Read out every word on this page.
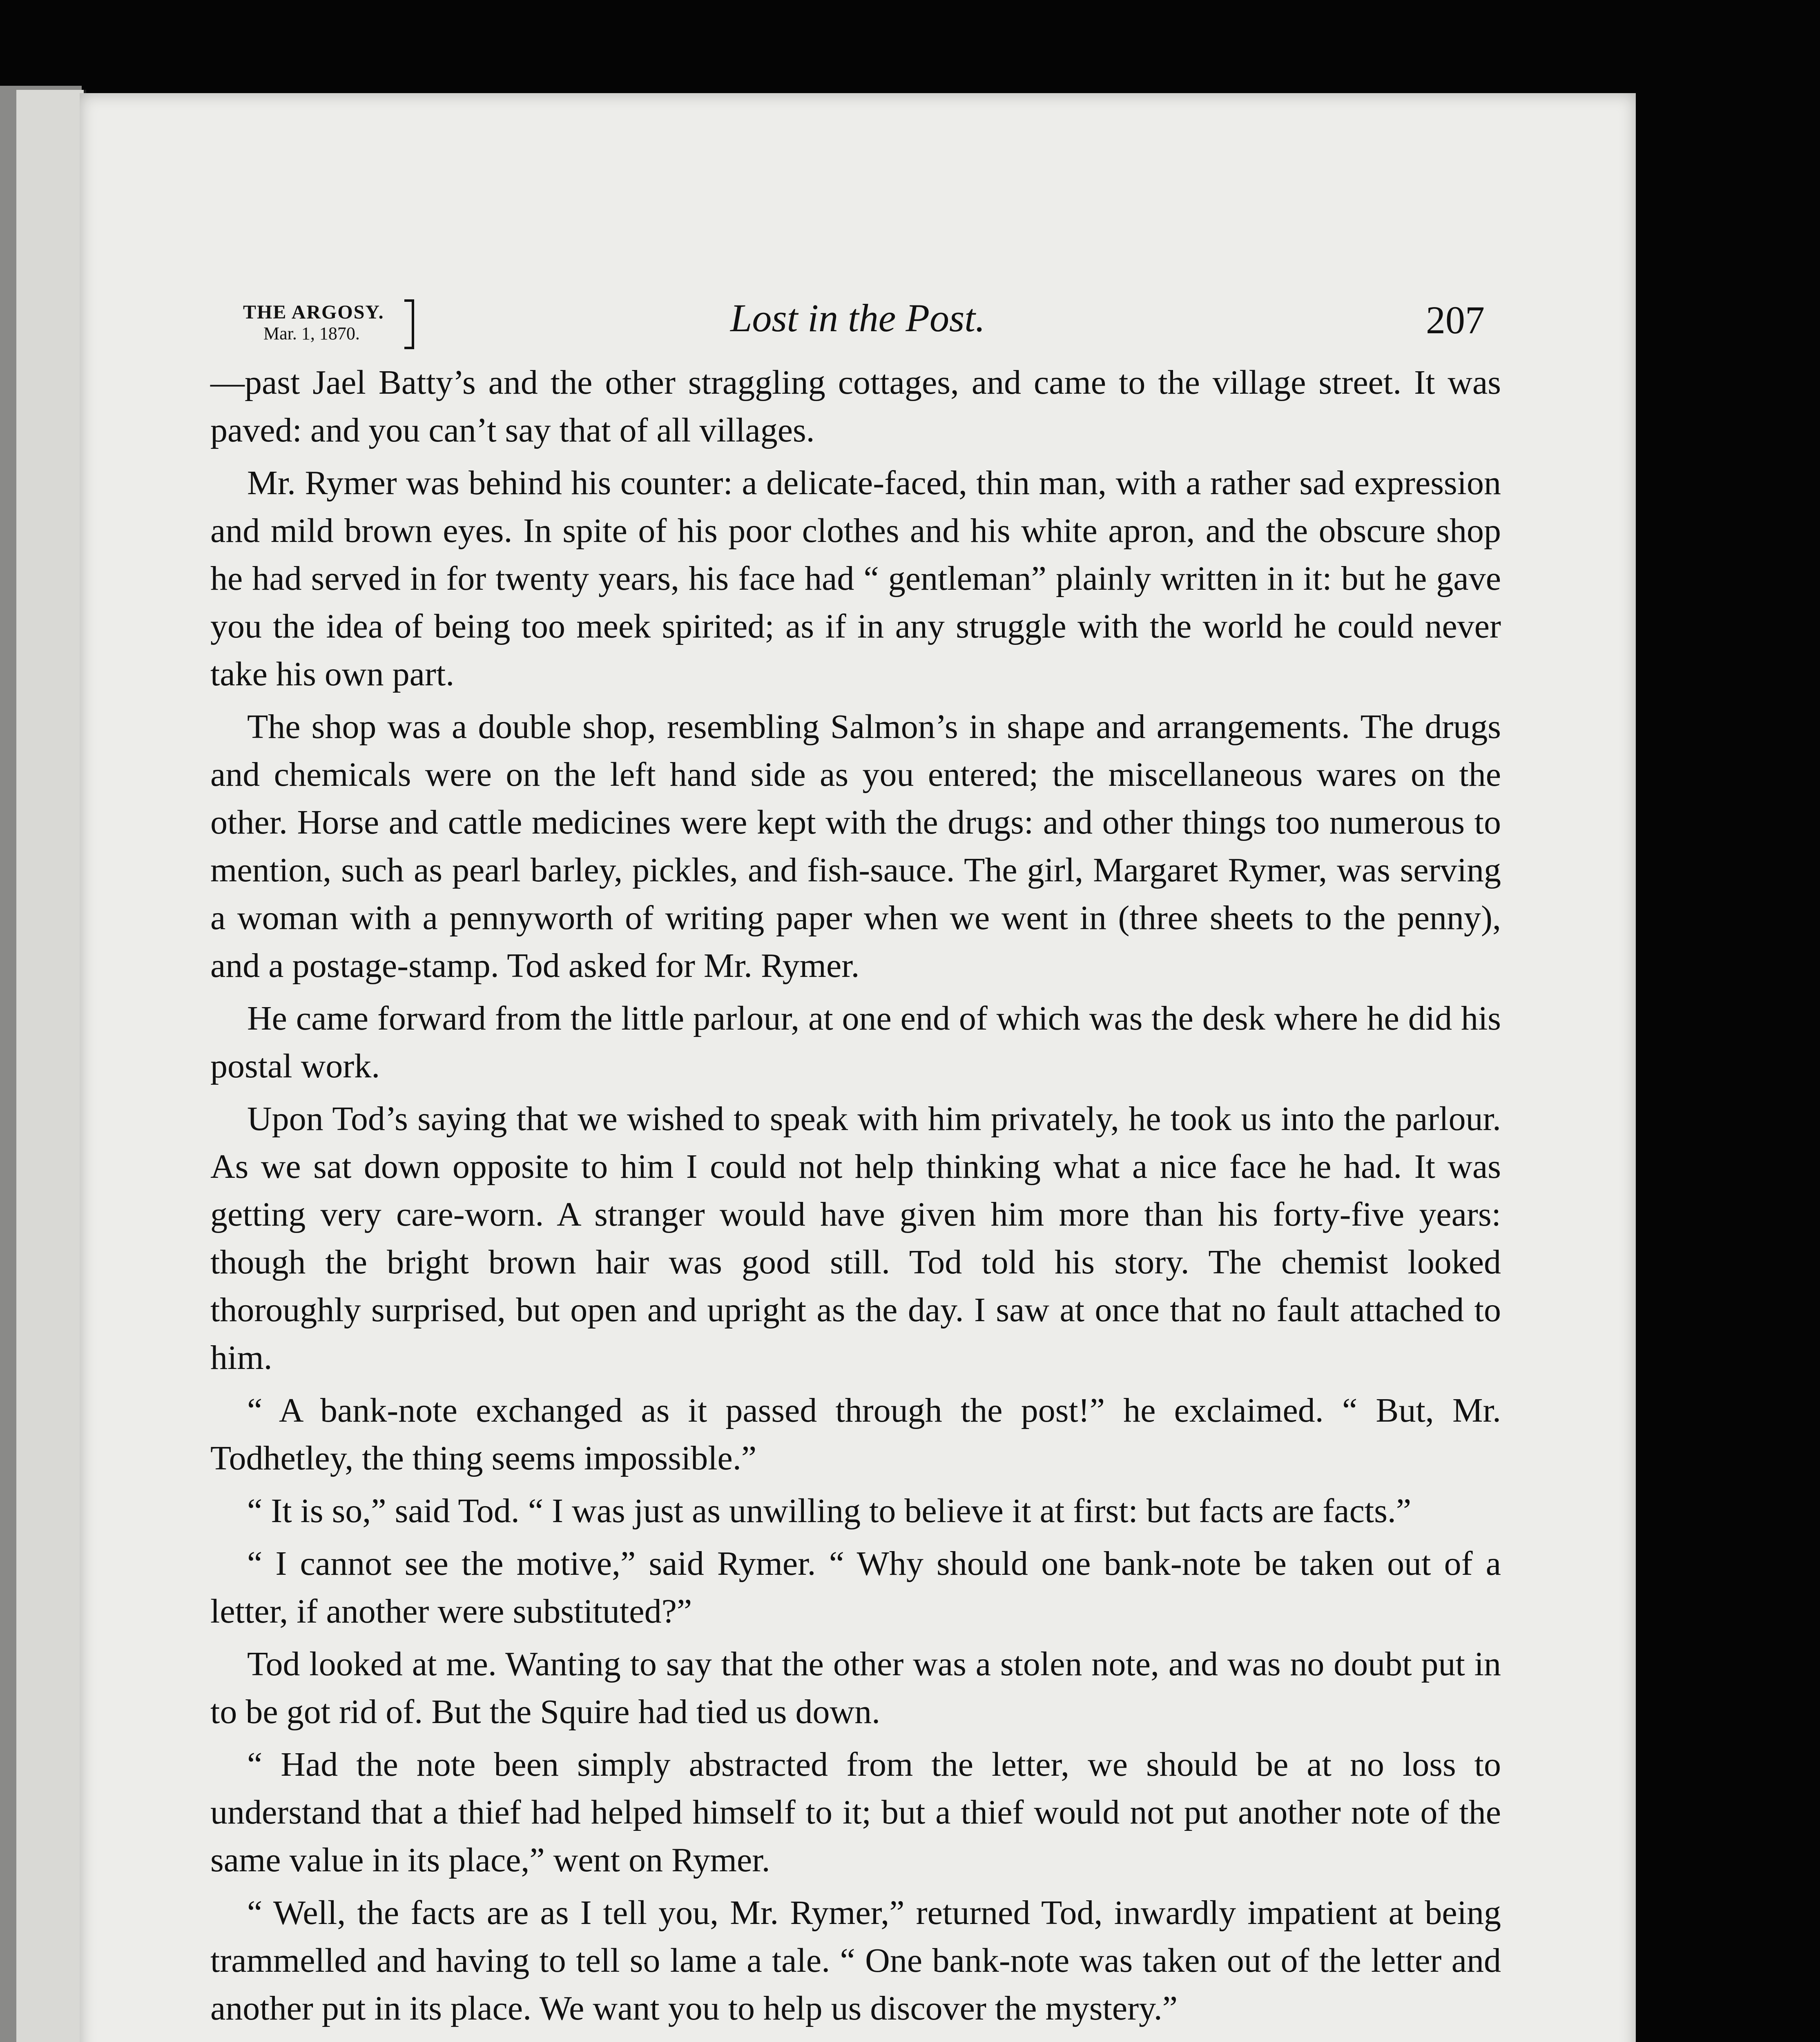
THE ARGOSY.
Mar. 1, 1870.	Lost in the Post.	207

—past Jael Batty’s and the other straggling cottages, and came to the village street. It was paved: and you can’t say that of all villages.

Mr. Rymer was behind his counter: a delicate-faced, thin man, with a rather sad expression and mild brown eyes. In spite of his poor clothes and his white apron, and the obscure shop he had served in for twenty years, his face had “ gentleman” plainly written in it: but he gave you the idea of being too meek spirited; as if in any struggle with the world he could never take his own part.

The shop was a double shop, resembling Salmon’s in shape and arrangements. The drugs and chemicals were on the left hand side as you entered; the miscellaneous wares on the other. Horse and cattle medicines were kept with the drugs: and other things too numerous to mention, such as pearl barley, pickles, and fish-sauce. The girl, Margaret Rymer, was serving a woman with a pennyworth of writing paper when we went in (three sheets to the penny), and a postage-stamp. Tod asked for Mr. Rymer.

He came forward from the little parlour, at one end of which was the desk where he did his postal work.

Upon Tod’s saying that we wished to speak with him privately, he took us into the parlour. As we sat down opposite to him I could not help thinking what a nice face he had. It was getting very care-worn. A stranger would have given him more than his forty-five years: though the bright brown hair was good still. Tod told his story. The chemist looked thoroughly surprised, but open and upright as the day. I saw at once that no fault attached to him.

“ A bank-note exchanged as it passed through the post!” he exclaimed. “ But, Mr. Todhetley, the thing seems impossible.”

“ It is so,” said Tod. “ I was just as unwilling to believe it at first: but facts are facts.”

“ I cannot see the motive,” said Rymer. “ Why should one bank-note be taken out of a letter, if another were substituted?”

Tod looked at me. Wanting to say that the other was a stolen note, and was no doubt put in to be got rid of. But the Squire had tied us down.

“ Had the note been simply abstracted from the letter, we should be at no loss to understand that a thief had helped himself to it; but a thief would not put another note of the same value in its place,” went on Rymer.

“ Well, the facts are as I tell you, Mr. Rymer,” returned Tod, inwardly impatient at being trammelled and having to tell so lame a tale. “ One bank-note was taken out of the letter and another put in its place. We want you to help us discover the mystery.”
